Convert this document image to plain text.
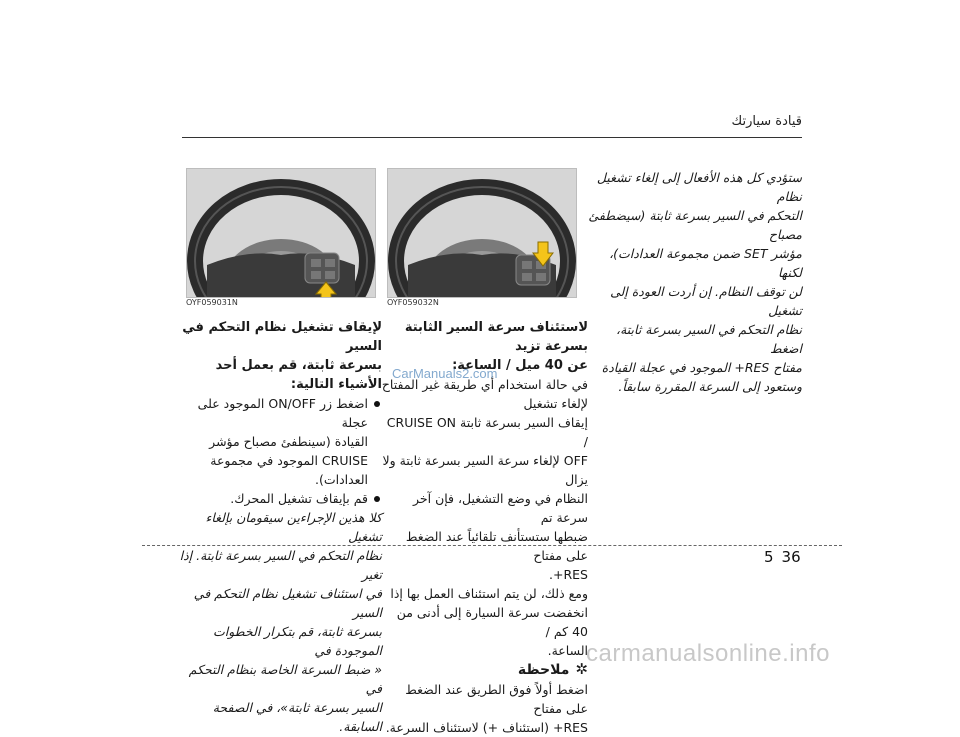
قيادة سيارتك

ستؤدي كل هذه الأفعال إلى إلغاء تشغيل نظام

التحكم في السير بسرعة ثابتة (سيضطفئ مصباح

مؤشر SET ضمن مجموعة العدادات)، لكنها

لن توقف النظام. إن أردت العودة إلى تشغيل

نظام التحكم في السير بسرعة ثابتة، اضغط

مفتاح RES+ الموجود في عجلة القيادة

وستعود إلى السرعة المقررة سابقاً.

OYF059032N
OYF059031N

لاستئناف سرعة السير الثابتة بسرعة تزيد
عن 40 ميل / الساعة:

في حالة استخدام أي طريقة غير المفتاح لإلغاء تشغيل

إيقاف السير بسرعة ثابتة CRUISE ON /

OFF لإلغاء سرعة السير بسرعة ثابتة ولا يزال

النظام في وضع التشغيل، فإن آخر سرعة تم

ضبطها ستستأنف تلقائياً عند الضغط على مفتاح

RES+.

ومع ذلك، لن يتم استئناف العمل بها إذا

انخفضت سرعة السيارة إلى أدنى من 40 كم /

الساعة.

✲ملاحظة

اضغط أولاً فوق الطريق عند الضغط على مفتاح

RES+ (استئناف +) لاستئناف السرعة.

لإيقاف تشغيل نظام التحكم في السير
بسرعة ثابتة، قم بعمل أحد الأشياء التالية:

اضغط زر ON/OFF الموجود على عجلة

القيادة (سينطفئ مصباح مؤشر

CRUISE الموجود في مجموعة

العدادات).

قم بإيقاف تشغيل المحرك.

كلا هذين الإجراءين سيقومان بإلغاء تشغيل

نظام التحكم في السير بسرعة ثابتة. إذا تغير

في استئناف تشغيل نظام التحكم في السير

بسرعة ثابتة، قم بتكرار الخطوات الموجودة في

« ضبط السرعة الخاصة بنظام التحكم في

السير بسرعة ثابتة»، في الصفحة السابقة.

CarManuals2.com
5 36
carmanualsonline.info
